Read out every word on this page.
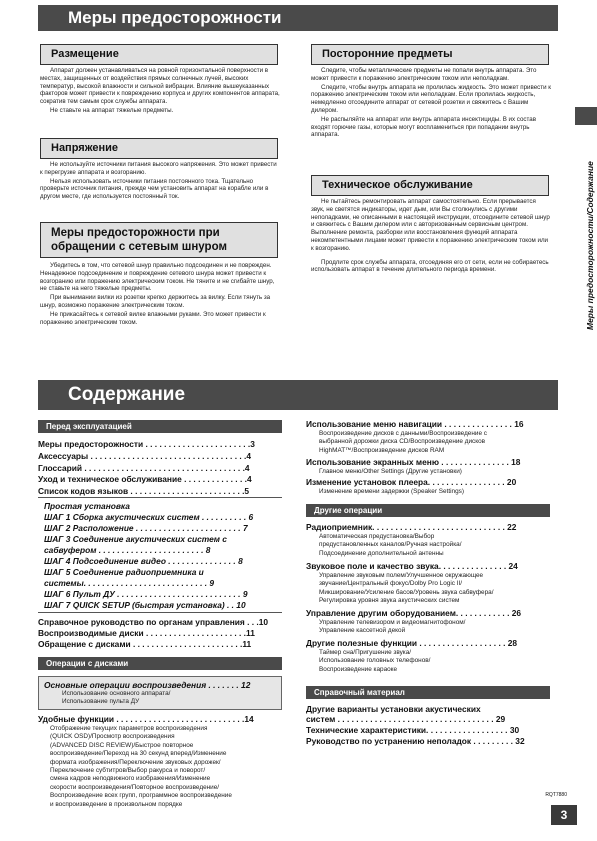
Меры предосторожности
Размещение

Аппарат должен устанавливаться на ровной горизонтальной поверхности в местах, защищенных от воздействия прямых солнечных лучей, высоких температур, высокой влажности и сильной вибрации. Влияние вышеуказанных факторов может привести к повреждению корпуса и других компонентов аппарата, сократив тем самым срок службы аппарата.

Не ставьте на аппарат тяжелые предметы.

Напряжение

Не используйте источники питания высокого напряжения. Это может привести к перегрузке аппарата и возгоранию.

Нельзя использовать источники питания постоянного тока. Тщательно проверьте источник питания, прежде чем установить аппарат на корабле или в другом месте, где используется постоянный ток.

Меры предосторожности при обращении с сетевым шнуром

Убедитесь в том, что сетевой шнур правильно подсоединен и не поврежден. Ненадежное подсоединение и повреждение сетевого шнура может привести к возгоранию или поражению электрическим током. Не тяните и не сгибайте шнур, не ставьте на него тяжелые предметы.

При вынимании вилки из розетки крепко держитесь за вилку. Если тянуть за шнур, возможно поражение электрическим током.

Не прикасайтесь к сетевой вилке влажными руками. Это может привести к поражению электрическим током.

Посторонние предметы

Следите, чтобы металлические предметы не попали внутрь аппарата. Это может привести к поражению электрическим током или неполадкам.

Следите, чтобы внутрь аппарата не пролилась жидкость. Это может привести к поражению электрическим током или неполадкам. Если пролилась жидкость, немедленно отсоедините аппарат от сетевой розетки и свяжитесь с Вашим дилером.

Не распыляйте на аппарат или внутрь аппарата инсектициды. В их состав входят горючие газы, которые могут воспламениться при попадании внутрь аппарата.

Техническое обслуживание

Не пытайтесь ремонтировать аппарат самостоятельно. Если прерывается звук, не светятся индикаторы, идет дым, или Вы столкнулись с другими неполадками, не описанными в настоящей инструкции, отсоедините сетевой шнур и свяжитесь с Вашим дилером или с авторизованным сервисным центром. Выполнение ремонта, разборки или восстановления функций аппарата некомпетентными лицами может привести к поражению электрическим током или к возгоранию.

Продлите срок службы аппарата, отсоединяя его от сети, если не собираетесь использовать аппарат в течение длительного периода времени.	Меры предосторожности/Содержание
Содержание
Перед эксплуатацией
Меры предосторожности . . . . . . . . . . . . . . . . . . . . . . .3
Аксессуары . . . . . . . . . . . . . . . . . . . . . . . . . . . . . . . . . .4
Глоссарий . . . . . . . . . . . . . . . . . . . . . . . . . . . . . . . . . . .4
Уход и техническое обслуживание . . . . . . . . . . . . . .4
Список кодов языков . . . . . . . . . . . . . . . . . . . . . . . . .5
Простая установка
ШАГ 1 Сборка акустических систем . . . . . . . . . . 6
ШАГ 2 Расположение . . . . . . . . . . . . . . . . . . . . . . . 7
ШАГ 3 Соединение акустических систем с
сабвуфером . . . . . . . . . . . . . . . . . . . . . . . 8
ШАГ 4 Подсоединение видео . . . . . . . . . . . . . . . 8
ШАГ 5 Соединение радиоприемника и
системы. . . . . . . . . . . . . . . . . . . . . . . . . . . 9
ШАГ 6 Пульт ДУ . . . . . . . . . . . . . . . . . . . . . . . . . . . 9
ШАГ 7 QUICK SETUP (быстрая установка) . . 10
Справочное руководство по органам управления . . .10
Воспроизводимые диски . . . . . . . . . . . . . . . . . . . . . .11
Обращение с дисками . . . . . . . . . . . . . . . . . . . . . . . .11
Операции с дисками
Основные операции воспроизведения . . . . . . . 12
Использование основного аппарата/
Использование пульта ДУ
Удобные функции . . . . . . . . . . . . . . . . . . . . . . . . . . . .14
Отображение текущих параметров воспроизведения
(QUICK OSD)/Просмотр воспроизведения
(ADVANCED DISC REVIEW)/Быстрое повторное
воспроизведение/Переход на 30 секунд вперед/Изменение
формата изображения/Переключение звуковых дорожек/
Переключение субтитров/Выбор ракурса и поворот/
смена кадров неподвижного изображения/Изменение
скорости воспроизведения/Повторное воспроизведение/
Воспроизведение всех групп, программное воспроизведение
и воспроизведение в произвольном порядке
Использование меню навигации . . . . . . . . . . . . . . . 16
Воспроизведение дисков с данными/Воспроизведение с
выбранной дорожки диска CD/Воспроизведение дисков
HighMAT™/Воспроизведение дисков RAM
Использование экранных меню . . . . . . . . . . . . . . . 18
Главное меню/Other Settings (Другие установки)
Изменение установок плеера. . . . . . . . . . . . . . . . . 20
Изменение времени задержки (Speaker Settings)
Другие операции
Радиоприемник. . . . . . . . . . . . . . . . . . . . . . . . . . . . . 22
Автоматическая предустановка/Выбор
предустановленных каналов/Ручная настройка/
Подсоединение дополнительной антенны
Звуковое поле и качество звука. . . . . . . . . . . . . . . 24
Управление звуковым полем/Улучшенное окружающее
звучание/Центральный фокус/Dolby Pro Logic II/
Микширование/Усиление басов/Уровень звука сабвуфера/
Регулировка уровня звука акустических систем
Управление другим оборудованием. . . . . . . . . . . . 26
Управление телевизором и видеомагнитофоном/
Управление кассетной декой
Другие полезные функции . . . . . . . . . . . . . . . . . . . 28
Таймер сна/Пригушение звука/
Использование головных телефонов/
Воспроизведение караоке
Справочный материал
Другие варианты установки акустических
систем . . . . . . . . . . . . . . . . . . . . . . . . . . . . . . . . . . 29
Технические характеристики. . . . . . . . . . . . . . . . . . 30
Руководство по устранению неполадок . . . . . . . . . 32
RQT7880
3
